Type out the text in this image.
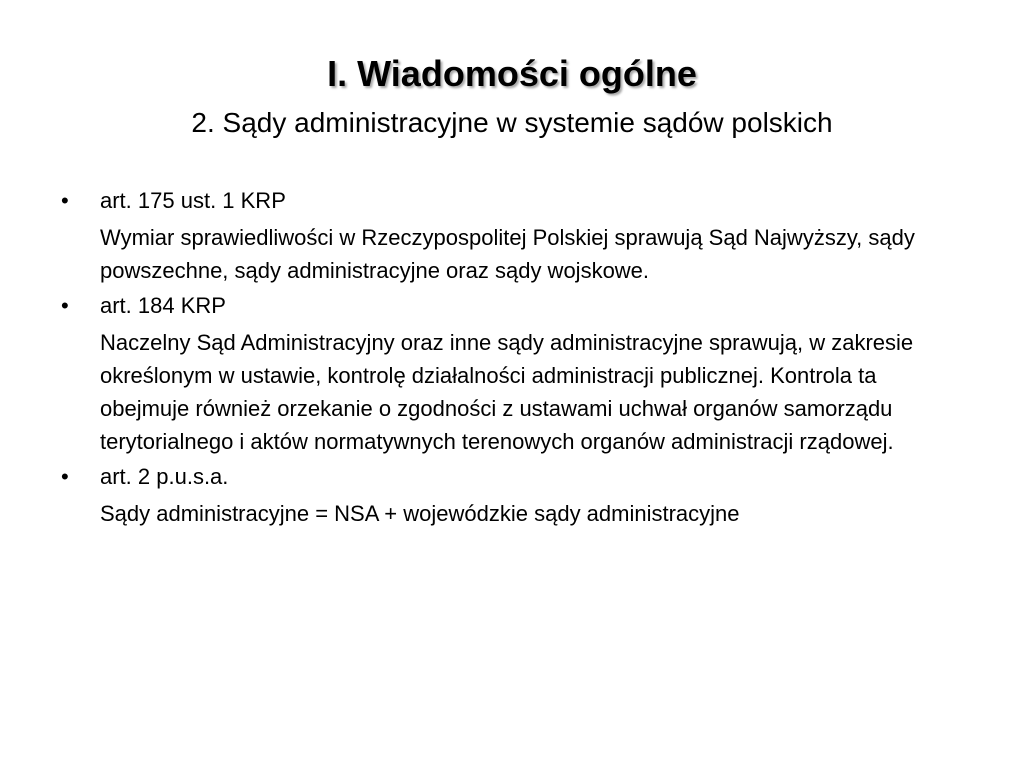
I. Wiadomości ogólne
2. Sądy administracyjne w systemie sądów polskich
• art. 175 ust. 1 KRP
Wymiar sprawiedliwości w Rzeczypospolitej Polskiej sprawują Sąd Najwyższy, sądy powszechne, sądy administracyjne oraz sądy wojskowe.
• art. 184 KRP
Naczelny Sąd Administracyjny oraz inne sądy administracyjne sprawują, w zakresie określonym w ustawie, kontrolę działalności administracji publicznej. Kontrola ta obejmuje również orzekanie o zgodności z ustawami uchwał organów samorządu terytorialnego i aktów normatywnych terenowych organów administracji rządowej.
• art. 2 p.u.s.a.
Sądy administracyjne = NSA + wojewódzkie sądy administracyjne
